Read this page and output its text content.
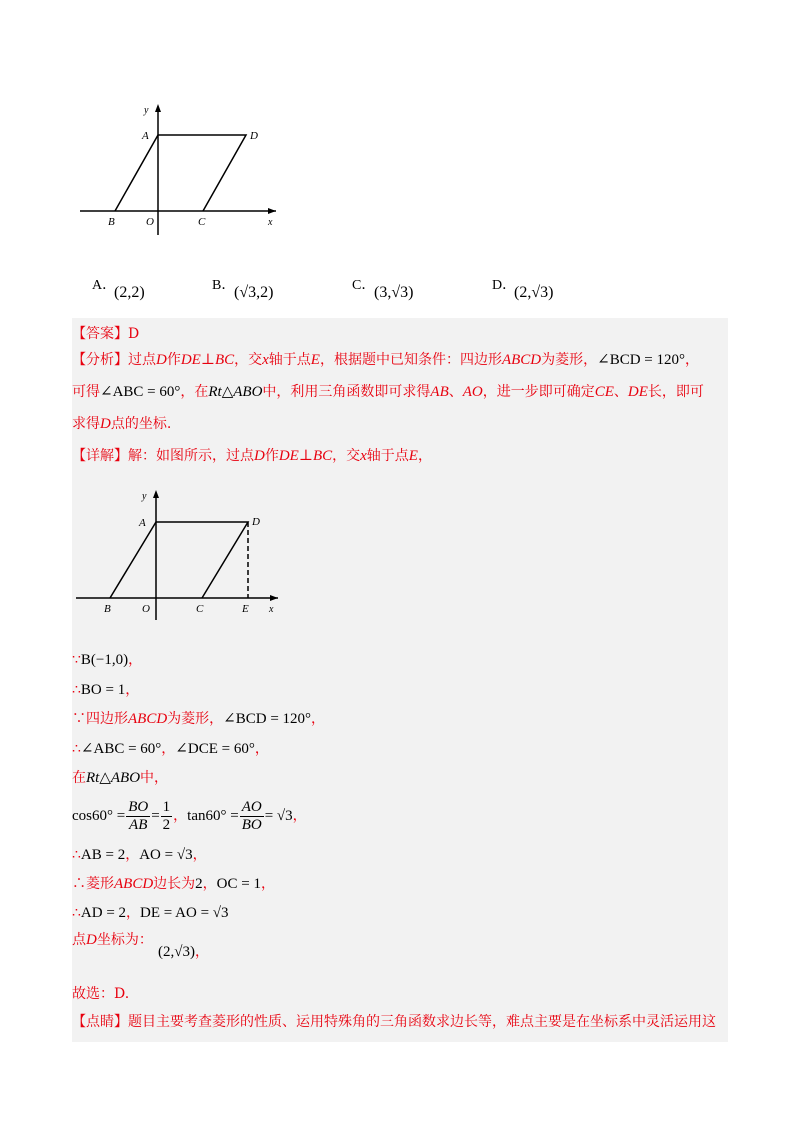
y
x
A	D
B	O	C
A．
(2,2)	B．
(√3,2)	C．
(3,√3)	D．
(2,√3)
【答案】D
【分析】过点D作DE⊥BC，交x轴于点E，根据题中已知条件：四边形ABCD为菱形，∠BCD = 120°，
可得∠ABC = 60°，在Rt△ABO中，利用三角函数即可求得AB、AO，进一步即可确定CE、DE长，即可
求得D点的坐标.
【详解】解：如图所示，过点D作DE⊥BC，交x轴于点E，
y
x
A	D
B	O	C	E
∵B(−1,0)，
∴BO = 1，
∵四边形ABCD为菱形，∠BCD = 120°，
∴∠ABC = 60°，∠DCE = 60°，
在Rt△ABO中，
$\cos 60^\circ = \frac{BO}{AB} = \frac{1}{2}$ ，$\tan 60^\circ = \frac{AO}{BO} = √3$，
∴AB = 2，AO = √3，
∴菱形ABCD边长为2，OC = 1，
∴AD = 2，DE = AO = √3
点D坐标为：
(2,√3)，
故选：D.
【点睛】题目主要考查菱形的性质、运用特殊角的三角函数求边长等，难点主要是在坐标系中灵活运用这
